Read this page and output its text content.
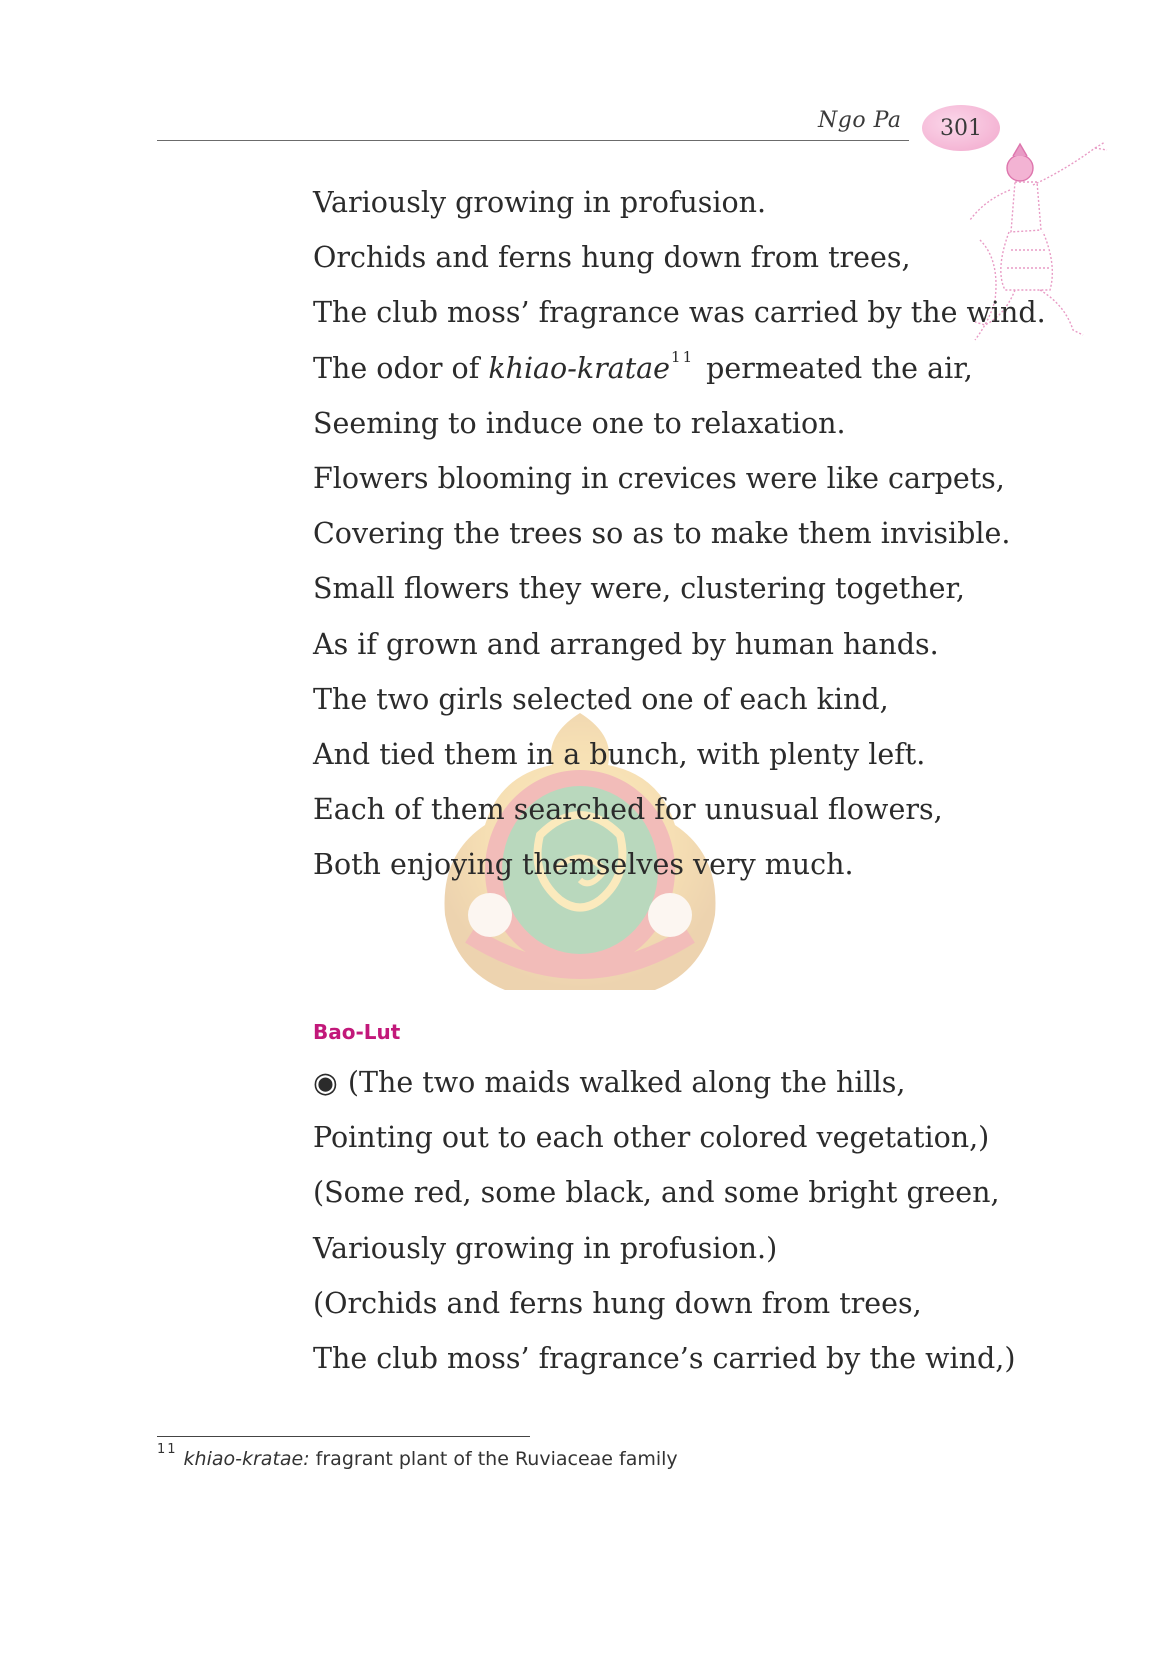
Ngo Pa 301
Variously growing in profusion.
Orchids and ferns hung down from trees,
The club moss’ fragrance was carried by the wind.
The odor of khiao-kratae$^{11}$ permeated the air,
Seeming to induce one to relaxation.
Flowers blooming in crevices were like carpets,
Covering the trees so as to make them invisible.
Small flowers they were, clustering together,
As if grown and arranged by human hands.
The two girls selected one of each kind,
And tied them in a bunch, with plenty left.
Each of them searched for unusual flowers,
Both enjoying themselves very much.
Bao-Lut
◉ (The two maids walked along the hills,
Pointing out to each other colored vegetation,)
(Some red, some black, and some bright green,
Variously growing in profusion.)
(Orchids and ferns hung down from trees,
The club moss’ fragrance’s carried by the wind,)
$^{11}$ khiao-kratae: fragrant plant of the Ruviaceae family
